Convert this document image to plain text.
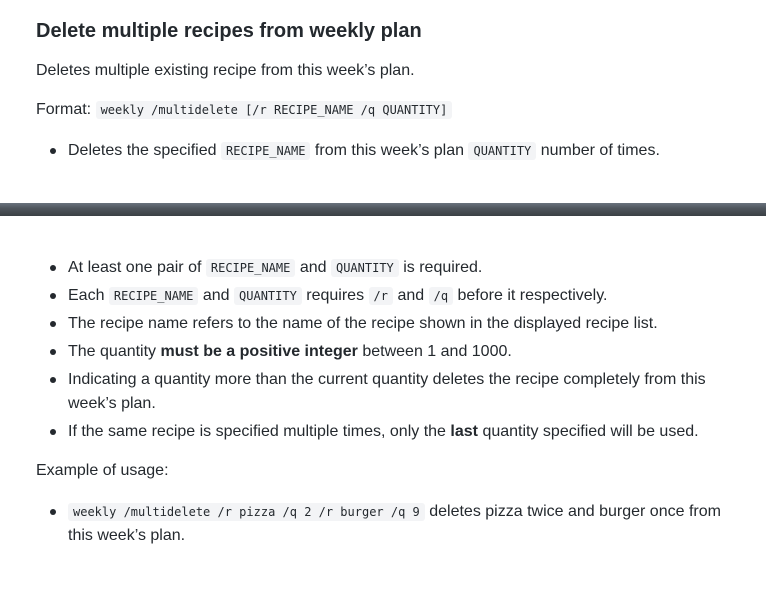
Delete multiple recipes from weekly plan

Deletes multiple existing recipe from this week’s plan.

Format: weekly /multidelete [/r RECIPE_NAME /q QUANTITY]

Deletes the specified RECIPE_NAME from this week’s plan QUANTITY number of times.
At least one pair of RECIPE_NAME and QUANTITY is required.
Each RECIPE_NAME and QUANTITY requires /r and /q before it respectively.
The recipe name refers to the name of the recipe shown in the displayed recipe list.
The quantity must be a positive integer between 1 and 1000.
Indicating a quantity more than the current quantity deletes the recipe completely from this week’s plan.
If the same recipe is specified multiple times, only the last quantity specified will be used.

Example of usage:

weekly /multidelete /r pizza /q 2 /r burger /q 9 deletes pizza twice and burger once from this week’s plan.
